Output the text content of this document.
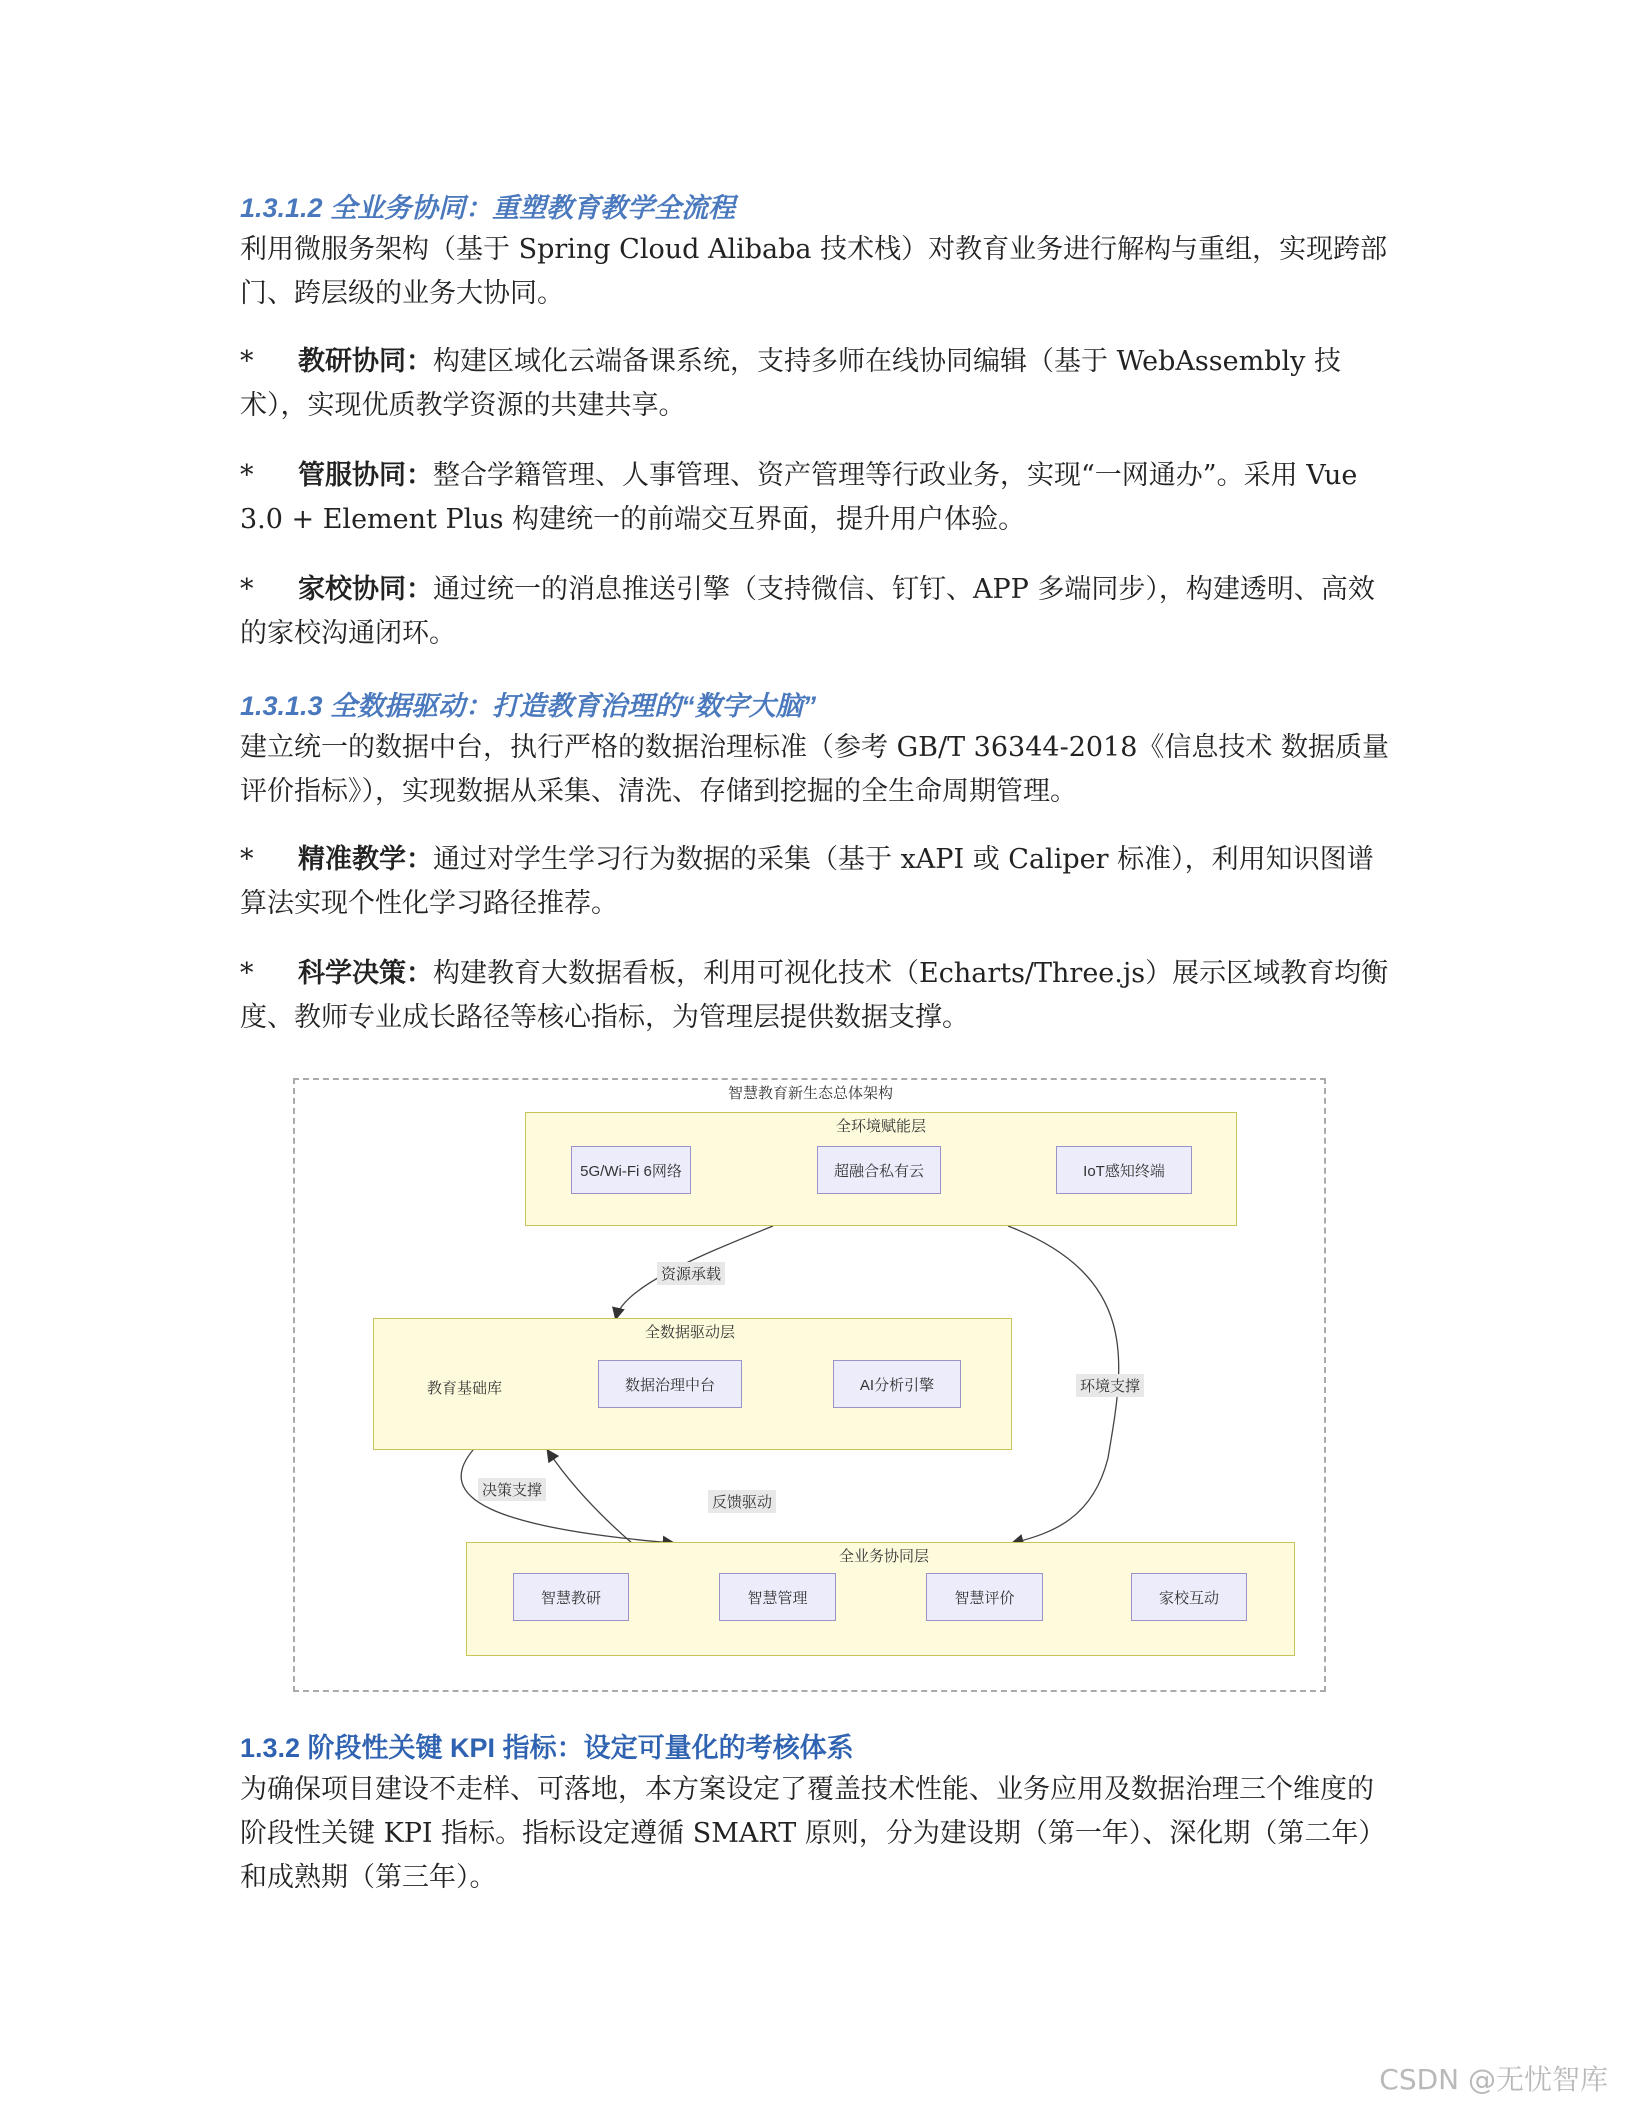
1.3.1.2 全业务协同：重塑教育教学全流程

利用微服务架构（基于 Spring Cloud Alibaba 技术栈）对教育业务进行解构与重组，实现跨部门、跨层级的业务大协同。

* 教研协同：构建区域化云端备课系统，支持多师在线协同编辑（基于 WebAssembly 技术），实现优质教学资源的共建共享。

* 管服协同：整合学籍管理、人事管理、资产管理等行政业务，实现“一网通办”。采用 Vue 3.0 + Element Plus 构建统一的前端交互界面，提升用户体验。

* 家校协同：通过统一的消息推送引擎（支持微信、钉钉、APP 多端同步），构建透明、高效的家校沟通闭环。

1.3.1.3 全数据驱动：打造教育治理的“数字大脑”

建立统一的数据中台，执行严格的数据治理标准（参考 GB/T 36344-2018《信息技术 数据质量评价指标》），实现数据从采集、清洗、存储到挖掘的全生命周期管理。

* 精准教学：通过对学生学习行为数据的采集（基于 xAPI 或 Caliper 标准），利用知识图谱算法实现个性化学习路径推荐。

* 科学决策：构建教育大数据看板，利用可视化技术（Echarts/Three.js）展示区域教育均衡度、教师专业成长路径等核心指标，为管理层提供数据支撑。

智慧教育新生态总体架构
全环境赋能层
5G/Wi-Fi 6网络	超融合私有云	IoT感知终端
全数据驱动层
教育基础库	数据治理中台	AI分析引擎
全业务协同层
智慧教研	智慧管理	智慧评价	家校互动
资源承载
环境支撑
决策支撑
反馈驱动
1.3.2 阶段性关键 KPI 指标：设定可量化的考核体系

为确保项目建设不走样、可落地，本方案设定了覆盖技术性能、业务应用及数据治理三个维度的阶段性关键 KPI 指标。指标设定遵循 SMART 原则，分为建设期（第一年）、深化期（第二年）和成熟期（第三年）。

CSDN @无忧智库
